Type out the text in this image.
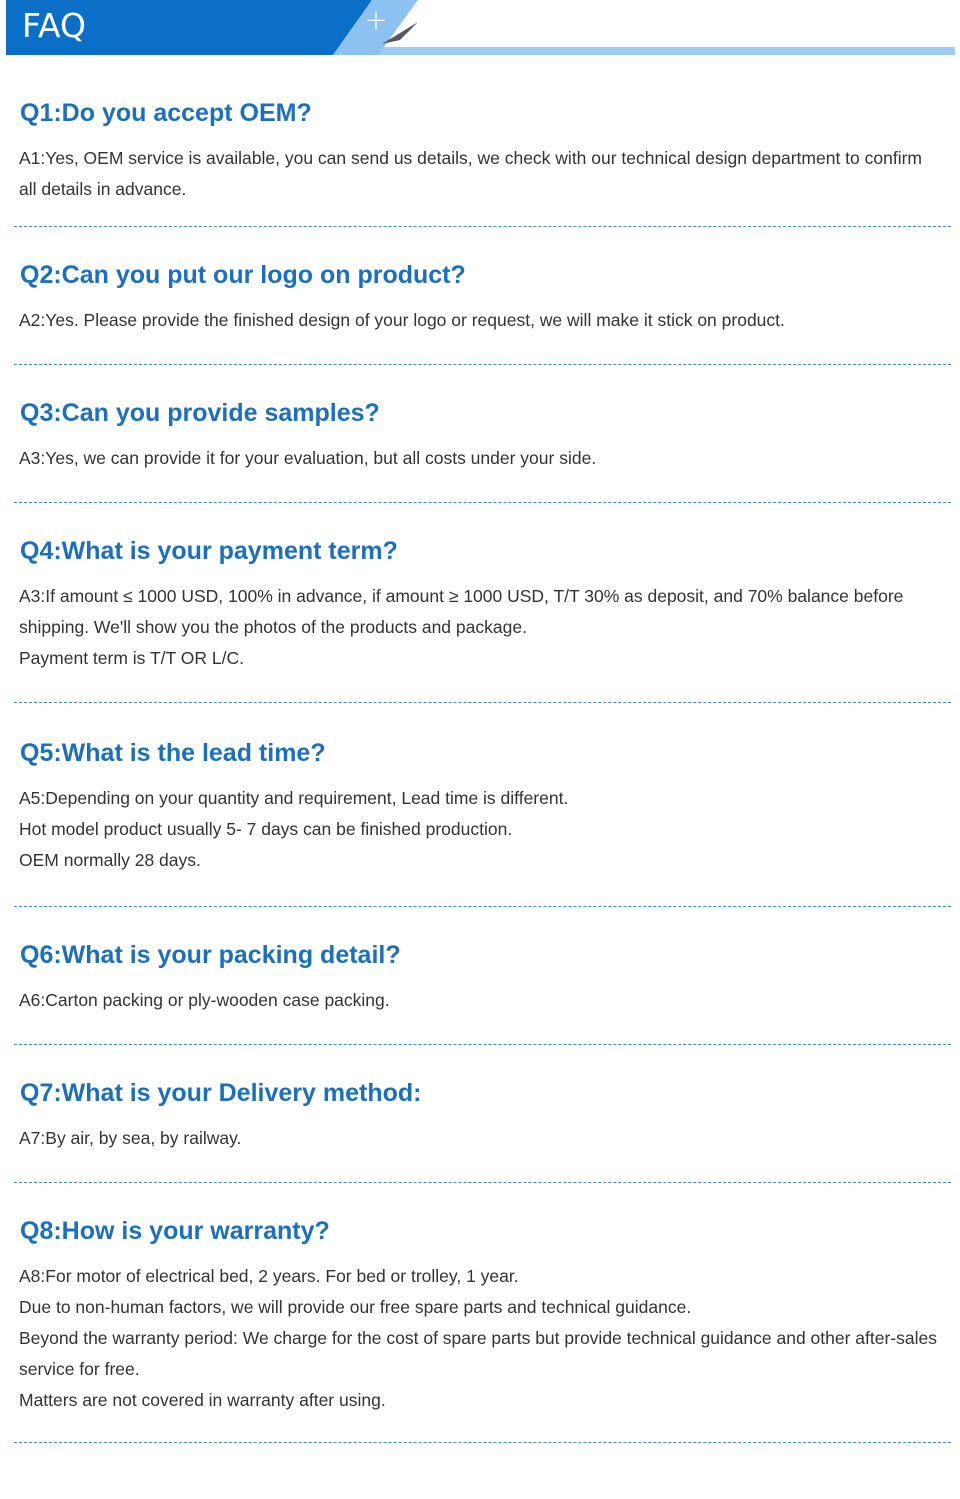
FAQ	+
Q1:Do you accept OEM?

A1:Yes, OEM service is available, you can send us details, we check with our technical design department to confirm all details in advance.

Q2:Can you put our logo on product?

A2:Yes. Please provide the finished design of your logo or request, we will make it stick on product.

Q3:Can you provide samples?

A3:Yes, we can provide it for your evaluation, but all costs under your side.

Q4:What is your payment term?

A3:If amount ≤ 1000 USD, 100% in advance, if amount ≥ 1000 USD, T/T 30% as deposit, and 70% balance before shipping. We'll show you the photos of the products and package.

Payment term is T/T OR L/C.

Q5:What is the lead time?

A5:Depending on your quantity and requirement, Lead time is different.

Hot model product usually 5- 7 days can be finished production.

OEM normally 28 days.

Q6:What is your packing detail?

A6:Carton packing or ply-wooden case packing.

Q7:What is your Delivery method:

A7:By air, by sea, by railway.

Q8:How is your warranty?

A8:For motor of electrical bed, 2 years. For bed or trolley, 1 year.

Due to non-human factors, we will provide our free spare parts and technical guidance.

Beyond the warranty period: We charge for the cost of spare parts but provide technical guidance and other after-sales service for free.

Matters are not covered in warranty after using.
